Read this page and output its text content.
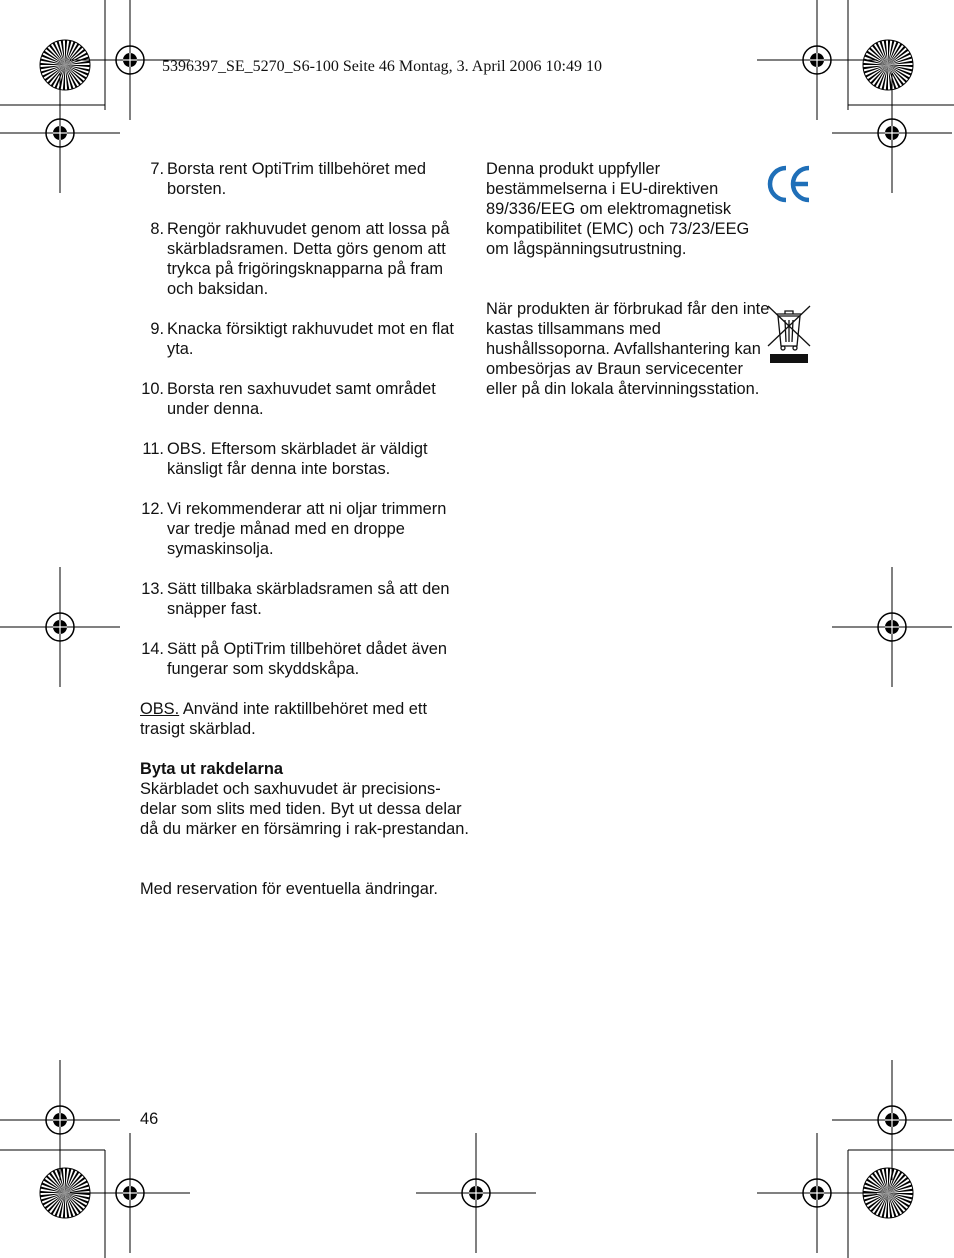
5396397_SE_5270_S6-100 Seite 46 Montag, 3. April 2006 10:49 10
7. Borsta rent OptiTrim tillbehöret med borsten.
8. Rengör rakhuvudet genom att lossa på skärbladsramen. Detta görs genom att trykca på frigöringsknapparna på fram och baksidan.
9. Knacka försiktigt rakhuvudet mot en flat yta.
10. Borsta ren saxhuvudet samt området under denna.
11. OBS. Eftersom skärbladet är väldigt känsligt får denna inte borstas.
12. Vi rekommenderar att ni oljar trimmern var tredje månad med en droppe symaskinsolja.
13. Sätt tillbaka skärbladsramen så att den snäpper fast.
14. Sätt på OptiTrim tillbehöret dådet även fungerar som skyddskåpa.

OBS. Använd inte raktillbehöret med ett trasigt skärblad.

Byta ut rakdelarna
Skärbladet och saxhuvudet är precisions-delar som slits med tiden. Byt ut dessa delar då du märker en försämring i rak-prestandan.

Med reservation för eventuella ändringar.

Denna produkt uppfyller bestämmelserna i EU-direktiven 89/336/EEG om elektromagnetisk kompatibilitet (EMC) och 73/23/EEG om lågspänningsutrustning.

När produkten är förbrukad får den inte kastas tillsammans med hushållssoporna. Avfallshantering kan ombesörjas av Braun servicecenter eller på din lokala återvinningsstation.

46
